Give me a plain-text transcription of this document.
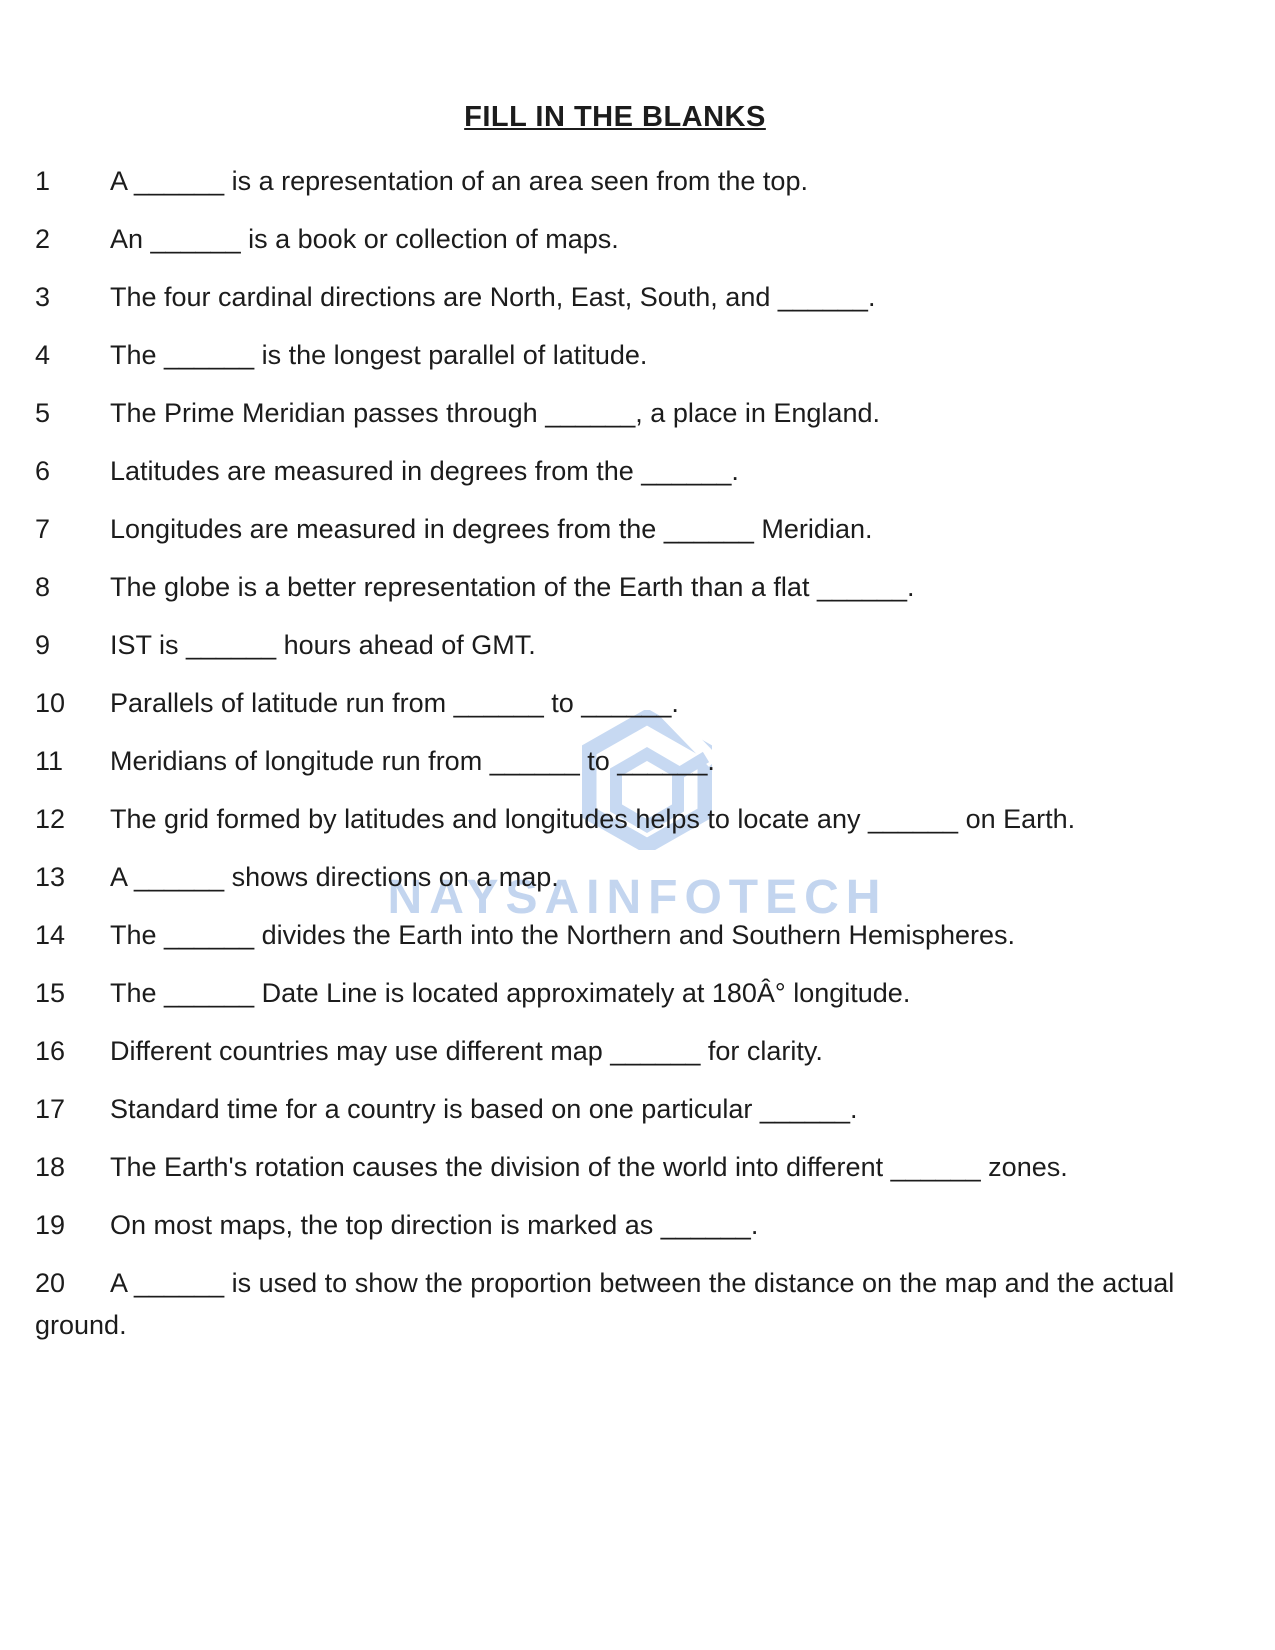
NAYSAINFOTECH
FILL IN THE BLANKS
1 A ______ is a representation of an area seen from the top.
2 An ______ is a book or collection of maps.
3 The four cardinal directions are North, East, South, and ______.
4 The ______ is the longest parallel of latitude.
5 The Prime Meridian passes through ______, a place in England.
6 Latitudes are measured in degrees from the ______.
7 Longitudes are measured in degrees from the ______ Meridian.
8 The globe is a better representation of the Earth than a flat ______.
9 IST is ______ hours ahead of GMT.
10 Parallels of latitude run from ______ to ______.
11 Meridians of longitude run from ______ to ______.
12 The grid formed by latitudes and longitudes helps to locate any ______ on Earth.
13 A ______ shows directions on a map.
14 The ______ divides the Earth into the Northern and Southern Hemispheres.
15 The ______ Date Line is located approximately at 180Â° longitude.
16 Different countries may use different map ______ for clarity.
17 Standard time for a country is based on one particular ______.
18 The Earth's rotation causes the division of the world into different ______ zones.
19 On most maps, the top direction is marked as ______.
20 A ______ is used to show the proportion between the distance on the map and the actual
ground.
